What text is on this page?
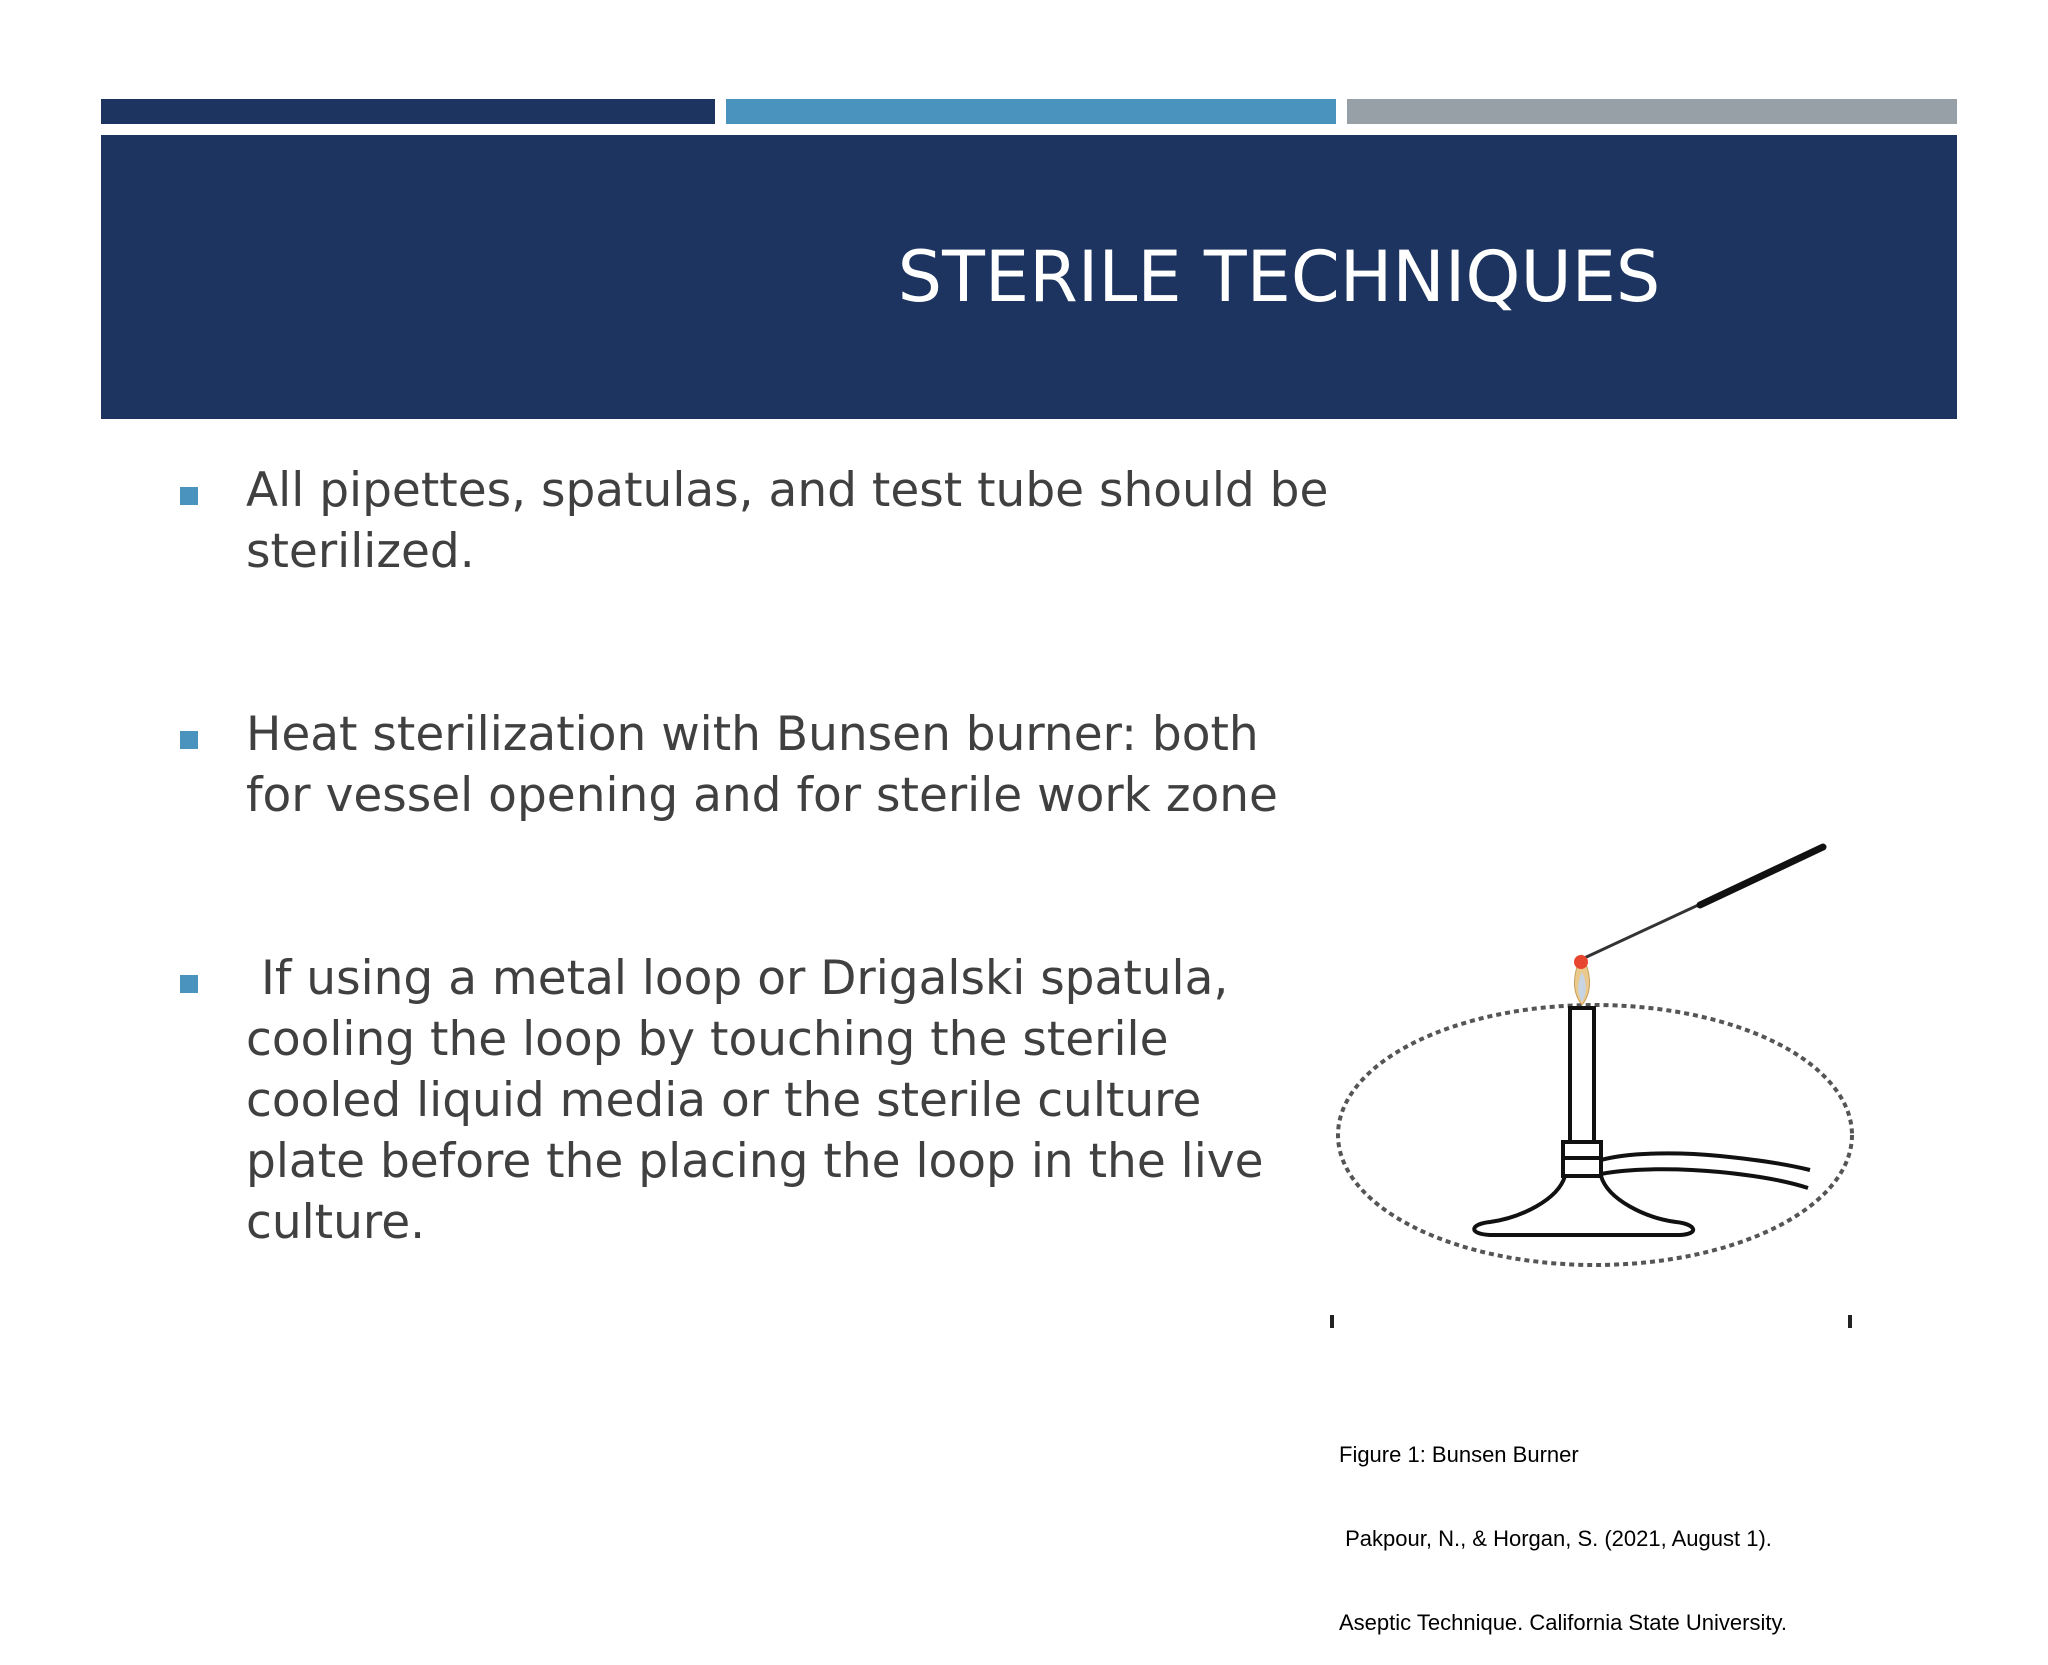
STERILE TECHNIQUES
All pipettes, spatulas, and test tube should be sterilized.
Heat sterilization with Bunsen burner: both for vessel opening and for sterile work zone
If using a metal loop or Drigalski spatula, cooling the loop by touching the sterile cooled liquid media or the sterile culture plate before the placing the loop in the live culture.

Figure 1: Bunsen Burner

Pakpour, N., & Horgan, S. (2021, August 1).

Aseptic Technique. California State University.
